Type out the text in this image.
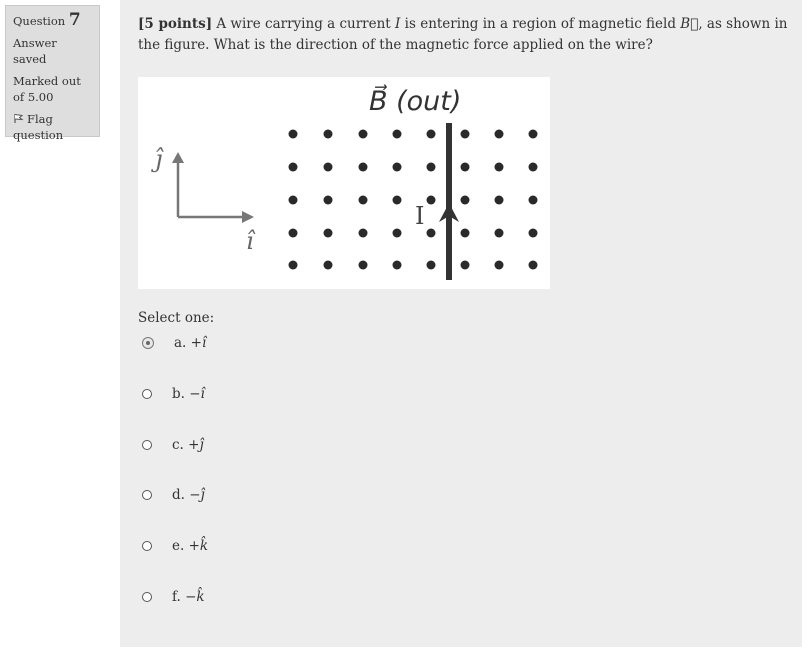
Question 7
Answer saved
Marked out of 5.00
Flag question
[5 points] A wire carrying a current I is entering in a region of magnetic field B⃗, as shown in the figure. What is the direction of the magnetic force applied on the wire?
B⃗ (out)
ĵ
î
I
Select one:
a. + î
b. − î
c. + ĵ
d. − ĵ
e. + k̂
f. − k̂
